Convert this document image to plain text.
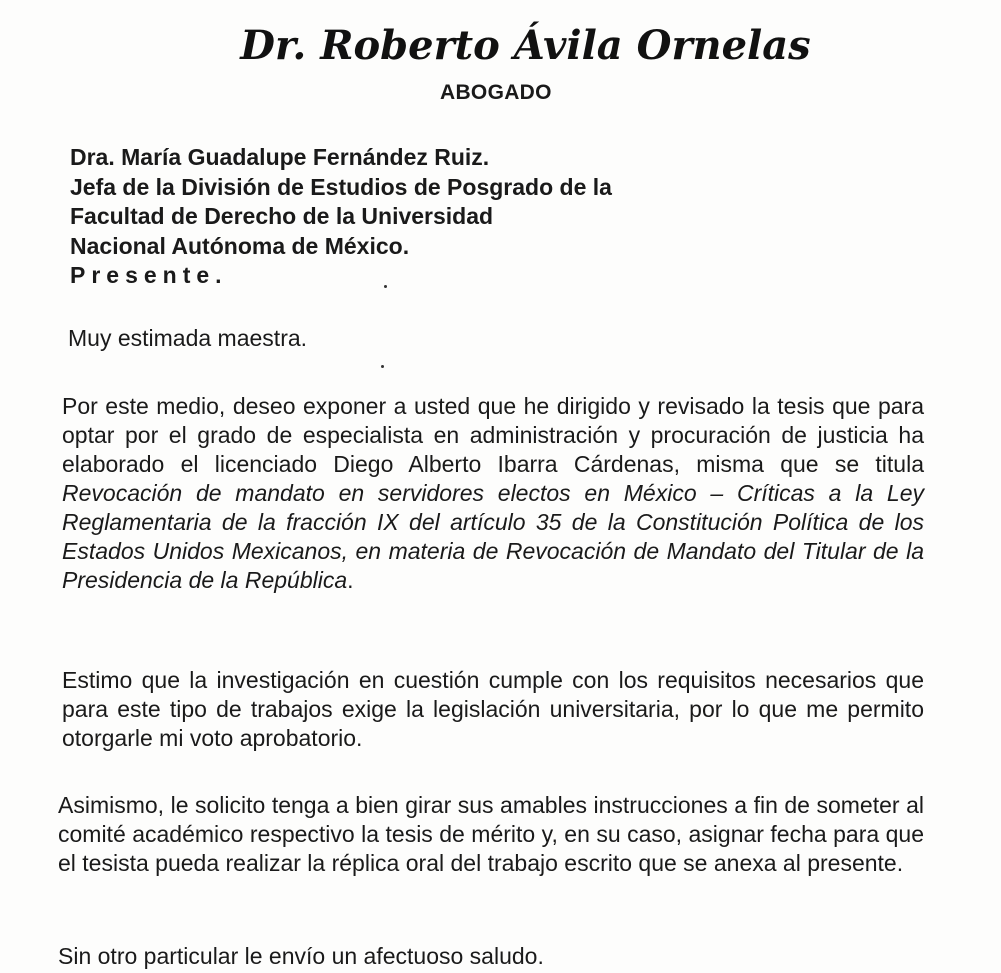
Dr. Roberto Ávila Ornelas
ABOGADO
Dra. María Guadalupe Fernández Ruiz.
Jefa de la División de Estudios de Posgrado de la
Facultad de Derecho de la Universidad
Nacional Autónoma de México.
Presente.
Muy estimada maestra.
Por este medio, deseo exponer a usted que he dirigido y revisado la tesis que para optar por el grado de especialista en administración y procuración de justicia ha elaborado el licenciado Diego Alberto Ibarra Cárdenas, misma que se titula Revocación de mandato en servidores electos en México – Críticas a la Ley Reglamentaria de la fracción IX del artículo 35 de la Constitución Política de los Estados Unidos Mexicanos, en materia de Revocación de Mandato del Titular de la Presidencia de la República.
Estimo que la investigación en cuestión cumple con los requisitos necesarios que para este tipo de trabajos exige la legislación universitaria, por lo que me permito otorgarle mi voto aprobatorio.
Asimismo, le solicito tenga a bien girar sus amables instrucciones a fin de someter al comité académico respectivo la tesis de mérito y, en su caso, asignar fecha para que el tesista pueda realizar la réplica oral del trabajo escrito que se anexa al presente.
Sin otro particular le envío un afectuoso saludo.
